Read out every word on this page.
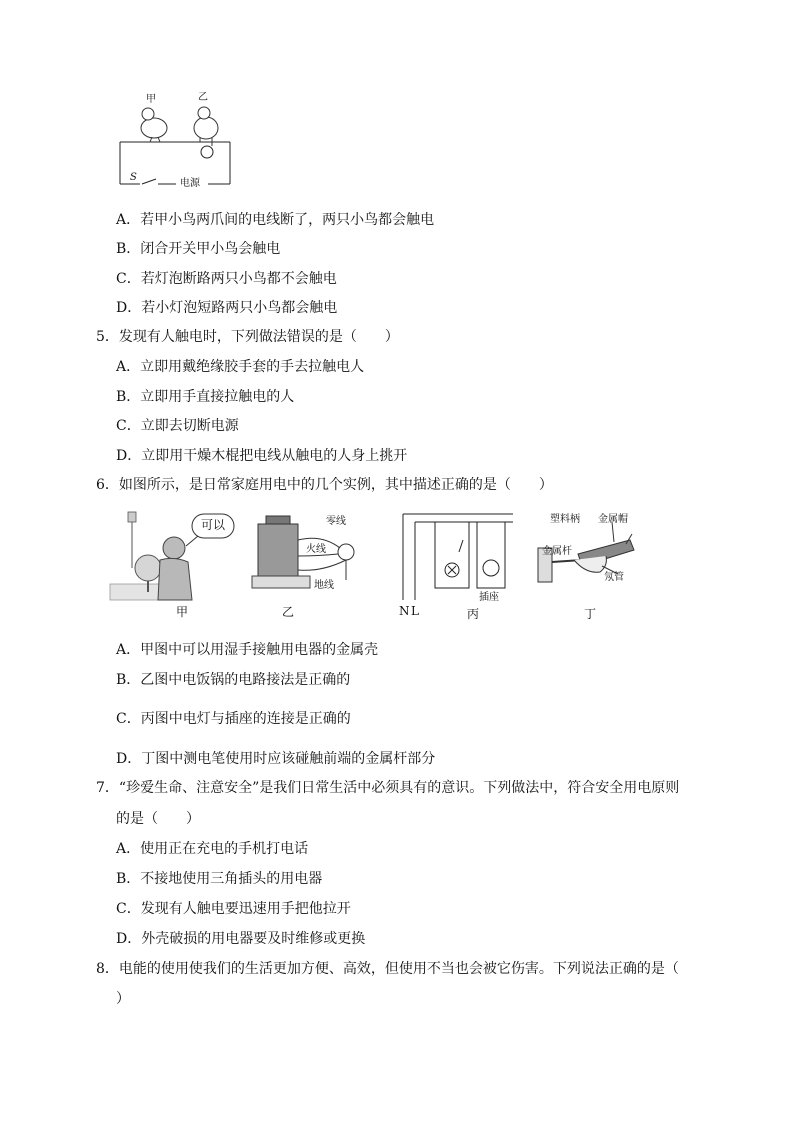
甲	乙
S
电源
A．若甲小鸟两爪间的电线断了，两只小鸟都会触电
B．闭合开关甲小鸟会触电
C．若灯泡断路两只小鸟都不会触电
D．若小灯泡短路两只小鸟都会触电
5．发现有人触电时，下列做法错误的是（　　）
A．立即用戴绝缘胶手套的手去拉触电人
B．立即用手直接拉触电的人
C．立即去切断电源
D．立即用干燥木棍把电线从触电的人身上挑开
6．如图所示，是日常家庭用电中的几个实例，其中描述正确的是（　　）
可以
甲
零线
火线
地线
乙	N L
插座
丙
塑料柄 金属帽
金属杆
氖管
丁
A．甲图中可以用湿手接触用电器的金属壳
B．乙图中电饭锅的电路接法是正确的
C．丙图中电灯与插座的连接是正确的
D．丁图中测电笔使用时应该碰触前端的金属杆部分
7．“珍爱生命、注意安全”是我们日常生活中必须具有的意识。下列做法中，符合安全用电原则
的是（　　）
A．使用正在充电的手机打电话
B．不接地使用三角插头的用电器
C．发现有人触电要迅速用手把他拉开
D．外壳破损的用电器要及时维修或更换
8．电能的使用使我们的生活更加方便、高效，但使用不当也会被它伤害。下列说法正确的是（
）
